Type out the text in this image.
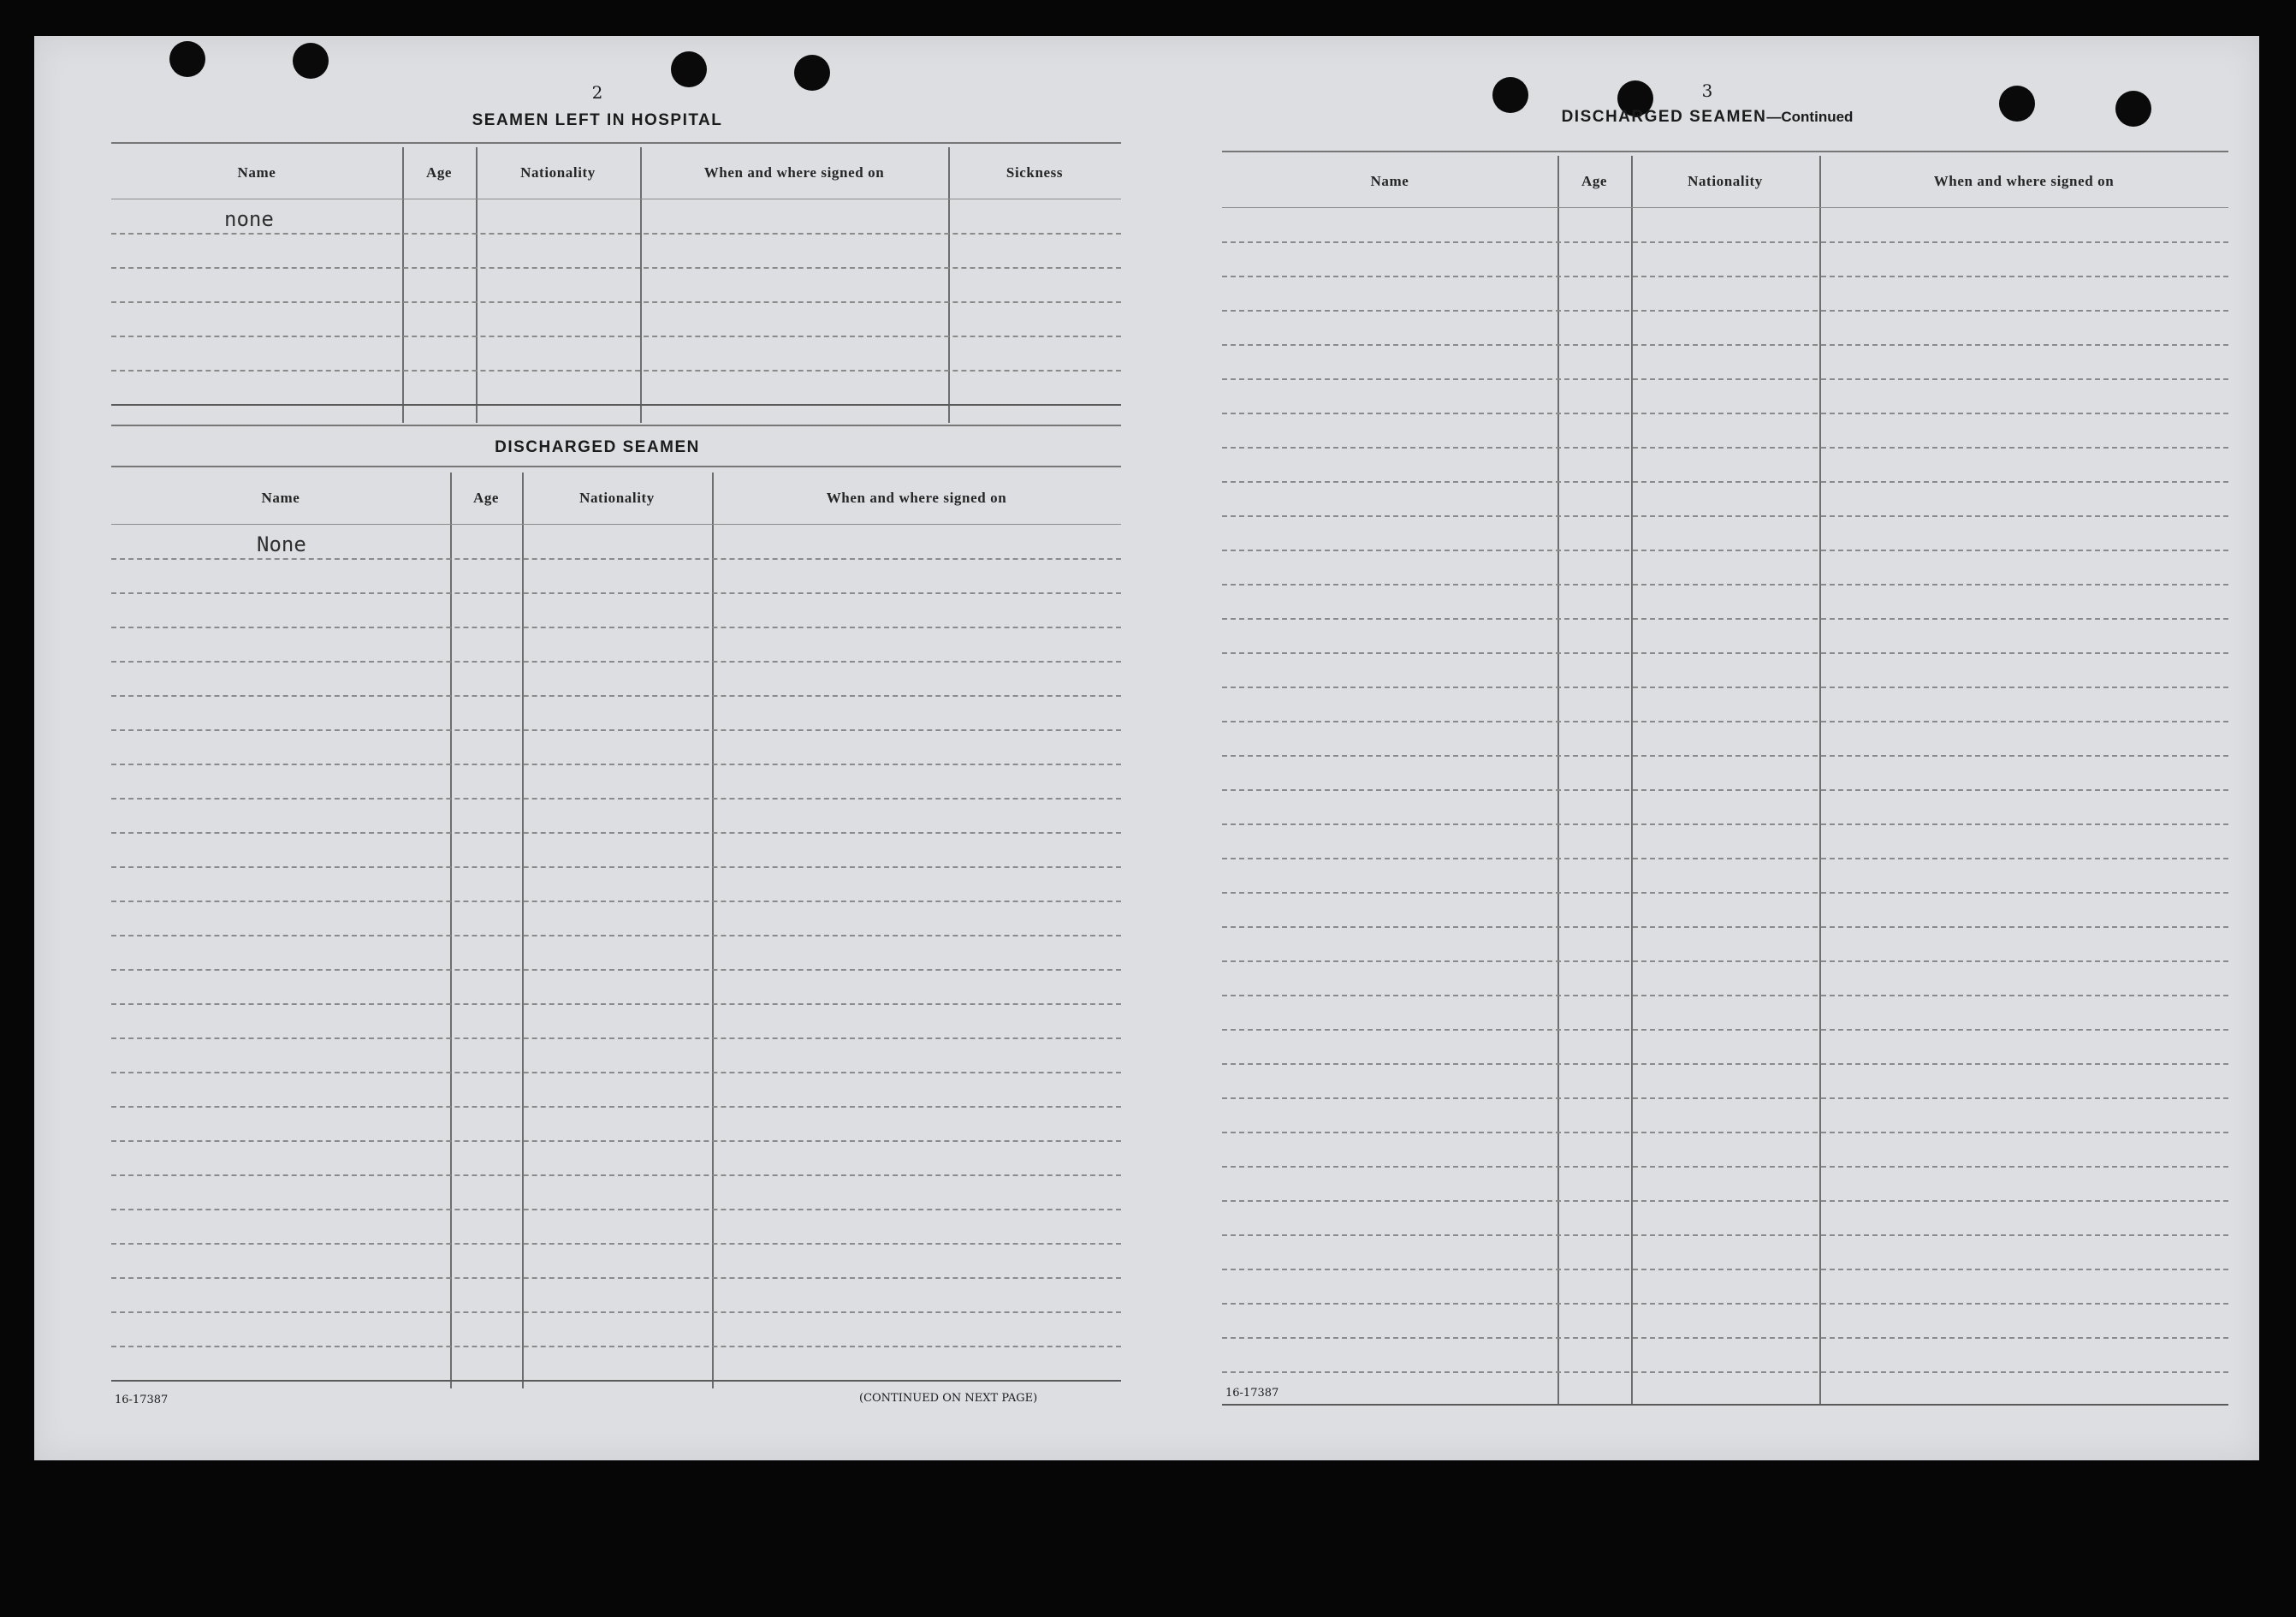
2
SEAMEN LEFT IN HOSPITAL
Name	Age	Nationality	When and where signed on	Sickness
none
DISCHARGED SEAMEN
Name	Age	Nationality	When and where signed on
None
16-17387	(CONTINUED ON NEXT PAGE)
3
DISCHARGED SEAMEN—Continued
Name	Age	Nationality	When and where signed on
16-17387
